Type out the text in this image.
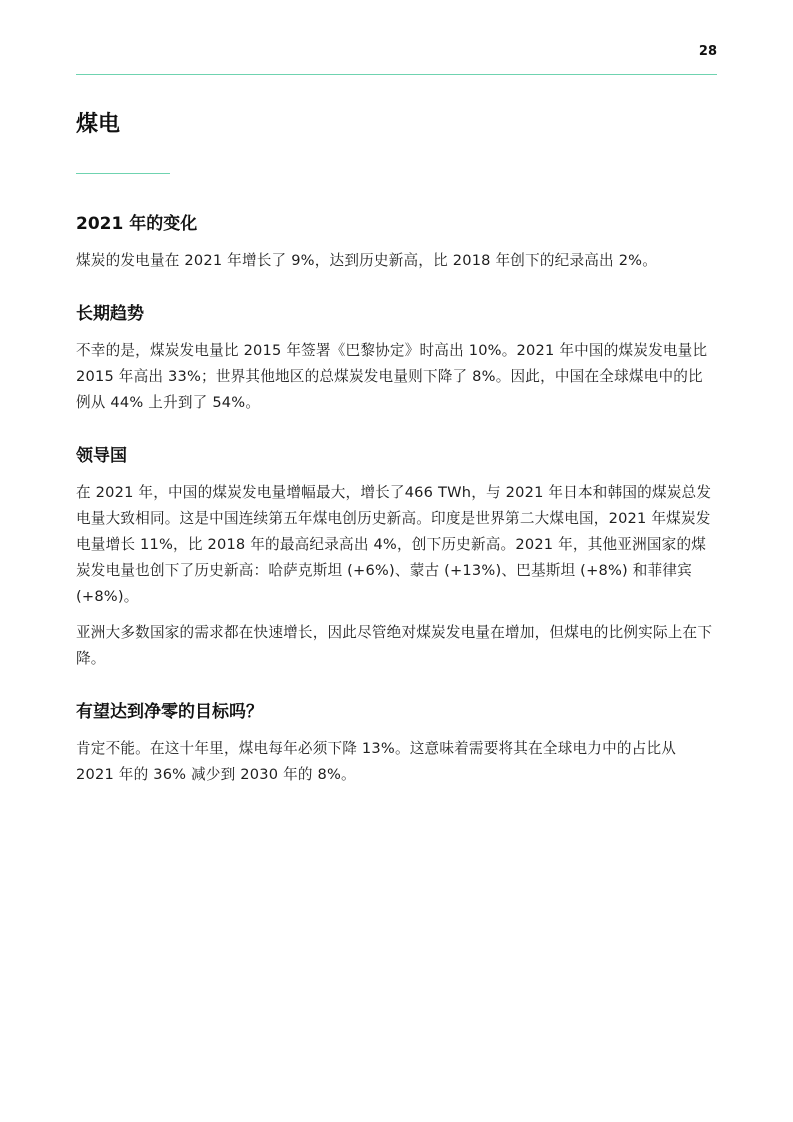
28
煤电
2021 年的变化

煤炭的发电量在 2021 年增长了 9%，达到历史新高，比 2018 年创下的纪录高出 2%。

长期趋势

不幸的是，煤炭发电量比 2015 年签署《巴黎协定》时高出 10%。2021 年中国的煤炭发电量比 2015 年高出 33%；世界其他地区的总煤炭发电量则下降了 8%。因此，中国在全球煤电中的比例从 44% 上升到了 54%。

领导国

在 2021 年，中国的煤炭发电量增幅最大，增长了466 TWh，与 2021 年日本和韩国的煤炭总发电量大致相同。这是中国连续第五年煤电创历史新高。印度是世界第二大煤电国，2021 年煤炭发电量增长 11%，比 2018 年的最高纪录高出 4%，创下历史新高。2021 年，其他亚洲国家的煤炭发电量也创下了历史新高：哈萨克斯坦 (+6%)、蒙古 (+13%)、巴基斯坦 (+8%) 和菲律宾 (+8%)。

亚洲大多数国家的需求都在快速增长，因此尽管绝对煤炭发电量在增加，但煤电的比例实际上在下降。

有望达到净零的目标吗？

肯定不能。在这十年里，煤电每年必须下降 13%。这意味着需要将其在全球电力中的占比从 2021 年的 36% 减少到 2030 年的 8%。
